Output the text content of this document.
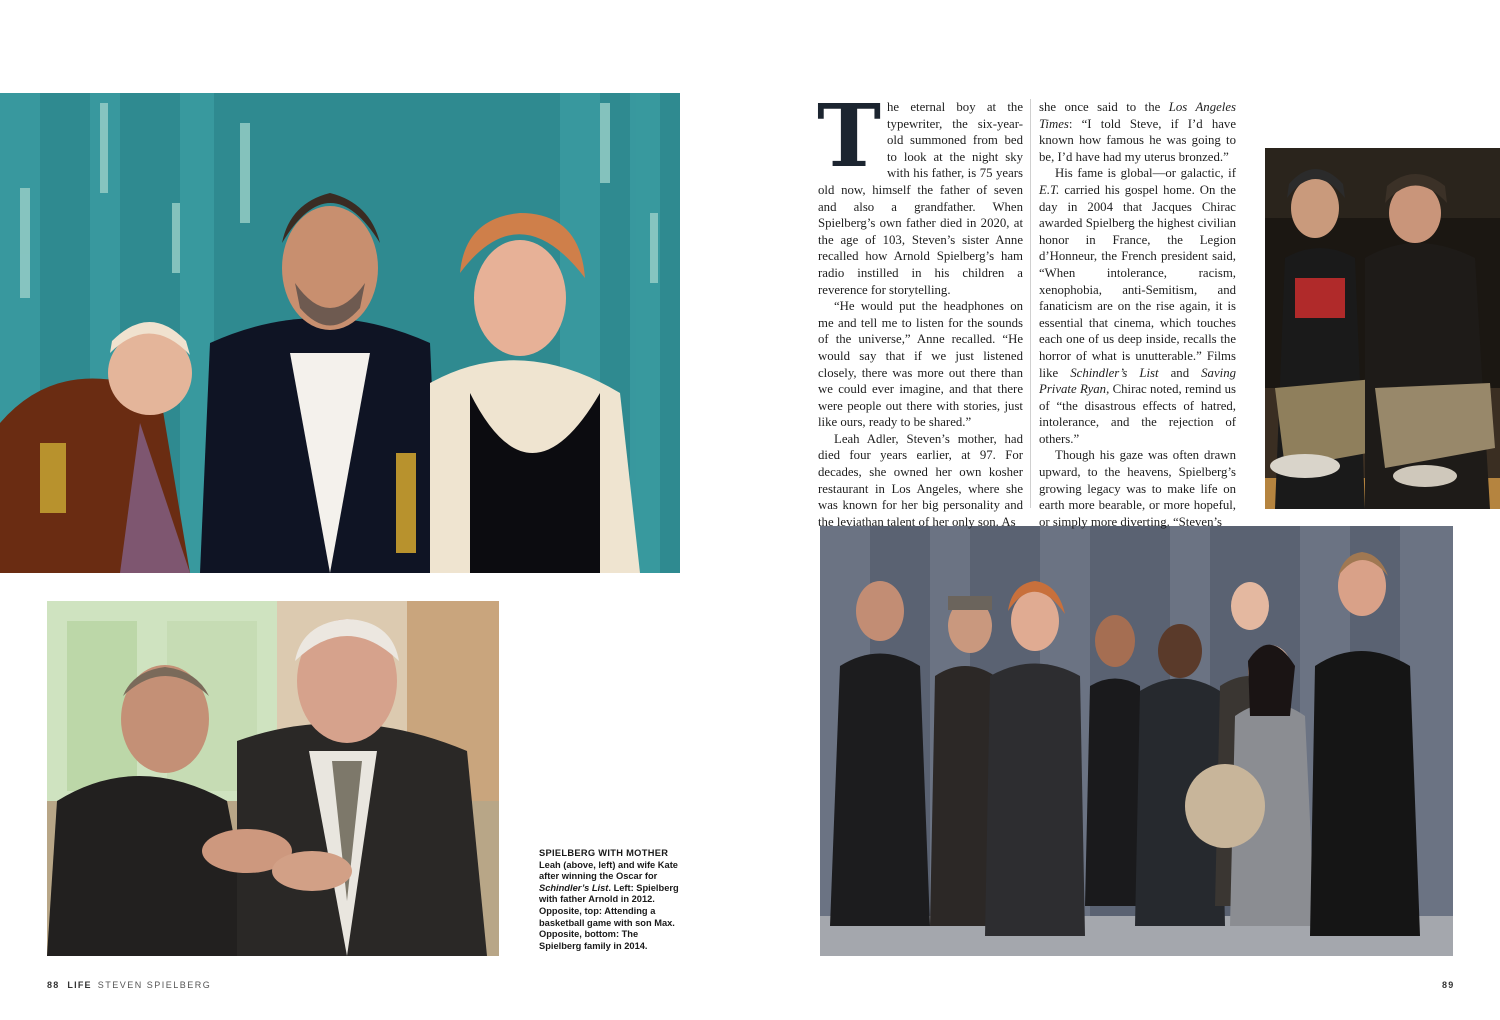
The eternal boy at the typewriter, the six-year-old summoned from bed to look at the night sky with his father, is 75 years old now, himself the father of seven and also a grandfather. When Spielberg’s own father died in 2020, at the age of 103, Steven’s sister Anne recalled how Arnold Spielberg’s ham radio instilled in his children a reverence for storytelling.

“He would put the headphones on me and tell me to listen for the sounds of the universe,” Anne recalled. “He would say that if we just listened closely, there was more out there than we could ever imagine, and that there were people out there with stories, just like ours, ready to be shared.”

Leah Adler, Steven’s mother, had died four years earlier, at 97. For decades, she owned her own kosher restaurant in Los Angeles, where she was known for her big personality and the leviathan talent of her only son. As

she once said to the Los Angeles Times: “I told Steve, if I’d have known how famous he was going to be, I’d have had my uterus bronzed.”

His fame is global—or galactic, if E.T. carried his gospel home. On the day in 2004 that Jacques Chirac awarded Spielberg the highest civilian honor in France, the Legion d’Honneur, the French president said, “When intolerance, racism, xenophobia, anti-Semitism, and fanaticism are on the rise again, it is essential that cinema, which touches each one of us deep inside, recalls the horror of what is unutterable.” Films like Schindler’s List and Saving Private Ryan, Chirac noted, remind us of “the disastrous effects of hatred, intolerance, and the rejection of others.”

Though his gaze was often drawn upward, to the heavens, Spielberg’s growing legacy was to make life on earth more bearable, or more hopeful, or simply more diverting. “Steven’s

SPIELBERG WITH MOTHER Leah (above, left) and wife Kate after winning the Oscar for Schindler’s List. Left: Spielberg with father Arnold in 2012. Opposite, top: Attending a basketball game with son Max. Opposite, bottom: The Spielberg family in 2014.
88 LIFE STEVEN SPIELBERG	89
